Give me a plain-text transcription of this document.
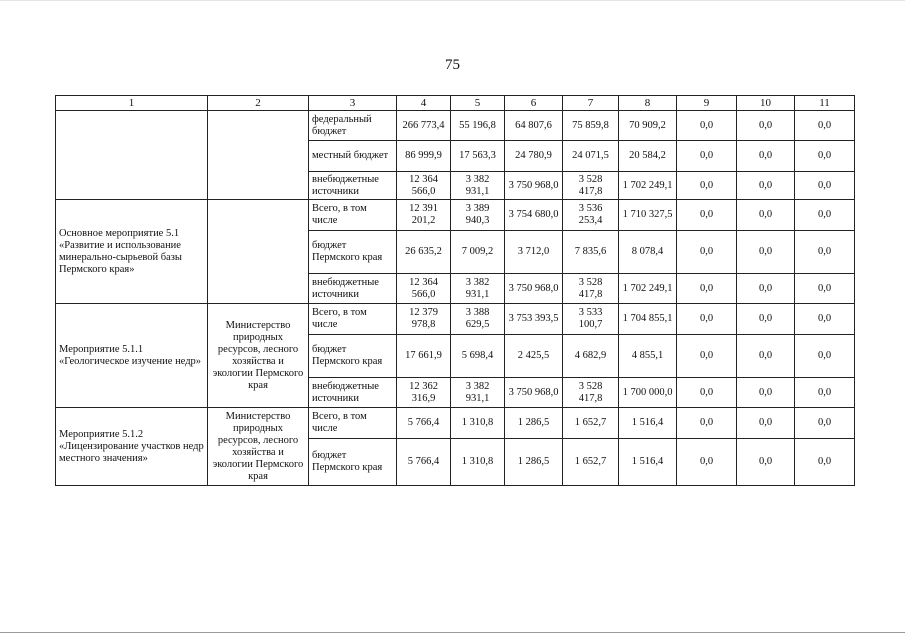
75
1	2	3	4	5	6	7	8	9	10	11
		федеральный бюджет	266 773,4	55 196,8	64 807,6	75 859,8	70 909,2	0,0	0,0	0,0
		местный бюджет	86 999,9	17 563,3	24 780,9	24 071,5	20 584,2	0,0	0,0	0,0
		внебюджетные источники	12 364 566,0	3 382 931,1	3 750 968,0	3 528 417,8	1 702 249,1	0,0	0,0	0,0
Основное мероприятие 5.1 «Развитие и использование минерально-сырьевой базы Пермского края»		Всего, в том числе	12 391 201,2	3 389 940,3	3 754 680,0	3 536 253,4	1 710 327,5	0,0	0,0	0,0
		бюджет Пермского края	26 635,2	7 009,2	3 712,0	7 835,6	8 078,4	0,0	0,0	0,0
		внебюджетные источники	12 364 566,0	3 382 931,1	3 750 968,0	3 528 417,8	1 702 249,1	0,0	0,0	0,0
Мероприятие 5.1.1 «Геологическое изучение недр»	Министерство природных ресурсов, лесного хозяйства и экологии Пермского края	Всего, в том числе	12 379 978,8	3 388 629,5	3 753 393,5	3 533 100,7	1 704 855,1	0,0	0,0	0,0
		бюджет Пермского края	17 661,9	5 698,4	2 425,5	4 682,9	4 855,1	0,0	0,0	0,0
		внебюджетные источники	12 362 316,9	3 382 931,1	3 750 968,0	3 528 417,8	1 700 000,0	0,0	0,0	0,0
Мероприятие 5.1.2 «Лицензирование участков недр местного значения»	Министерство природных ресурсов, лесного хозяйства и экологии Пермского края	Всего, в том числе	5 766,4	1 310,8	1 286,5	1 652,7	1 516,4	0,0	0,0	0,0
		бюджет Пермского края	5 766,4	1 310,8	1 286,5	1 652,7	1 516,4	0,0	0,0	0,0
